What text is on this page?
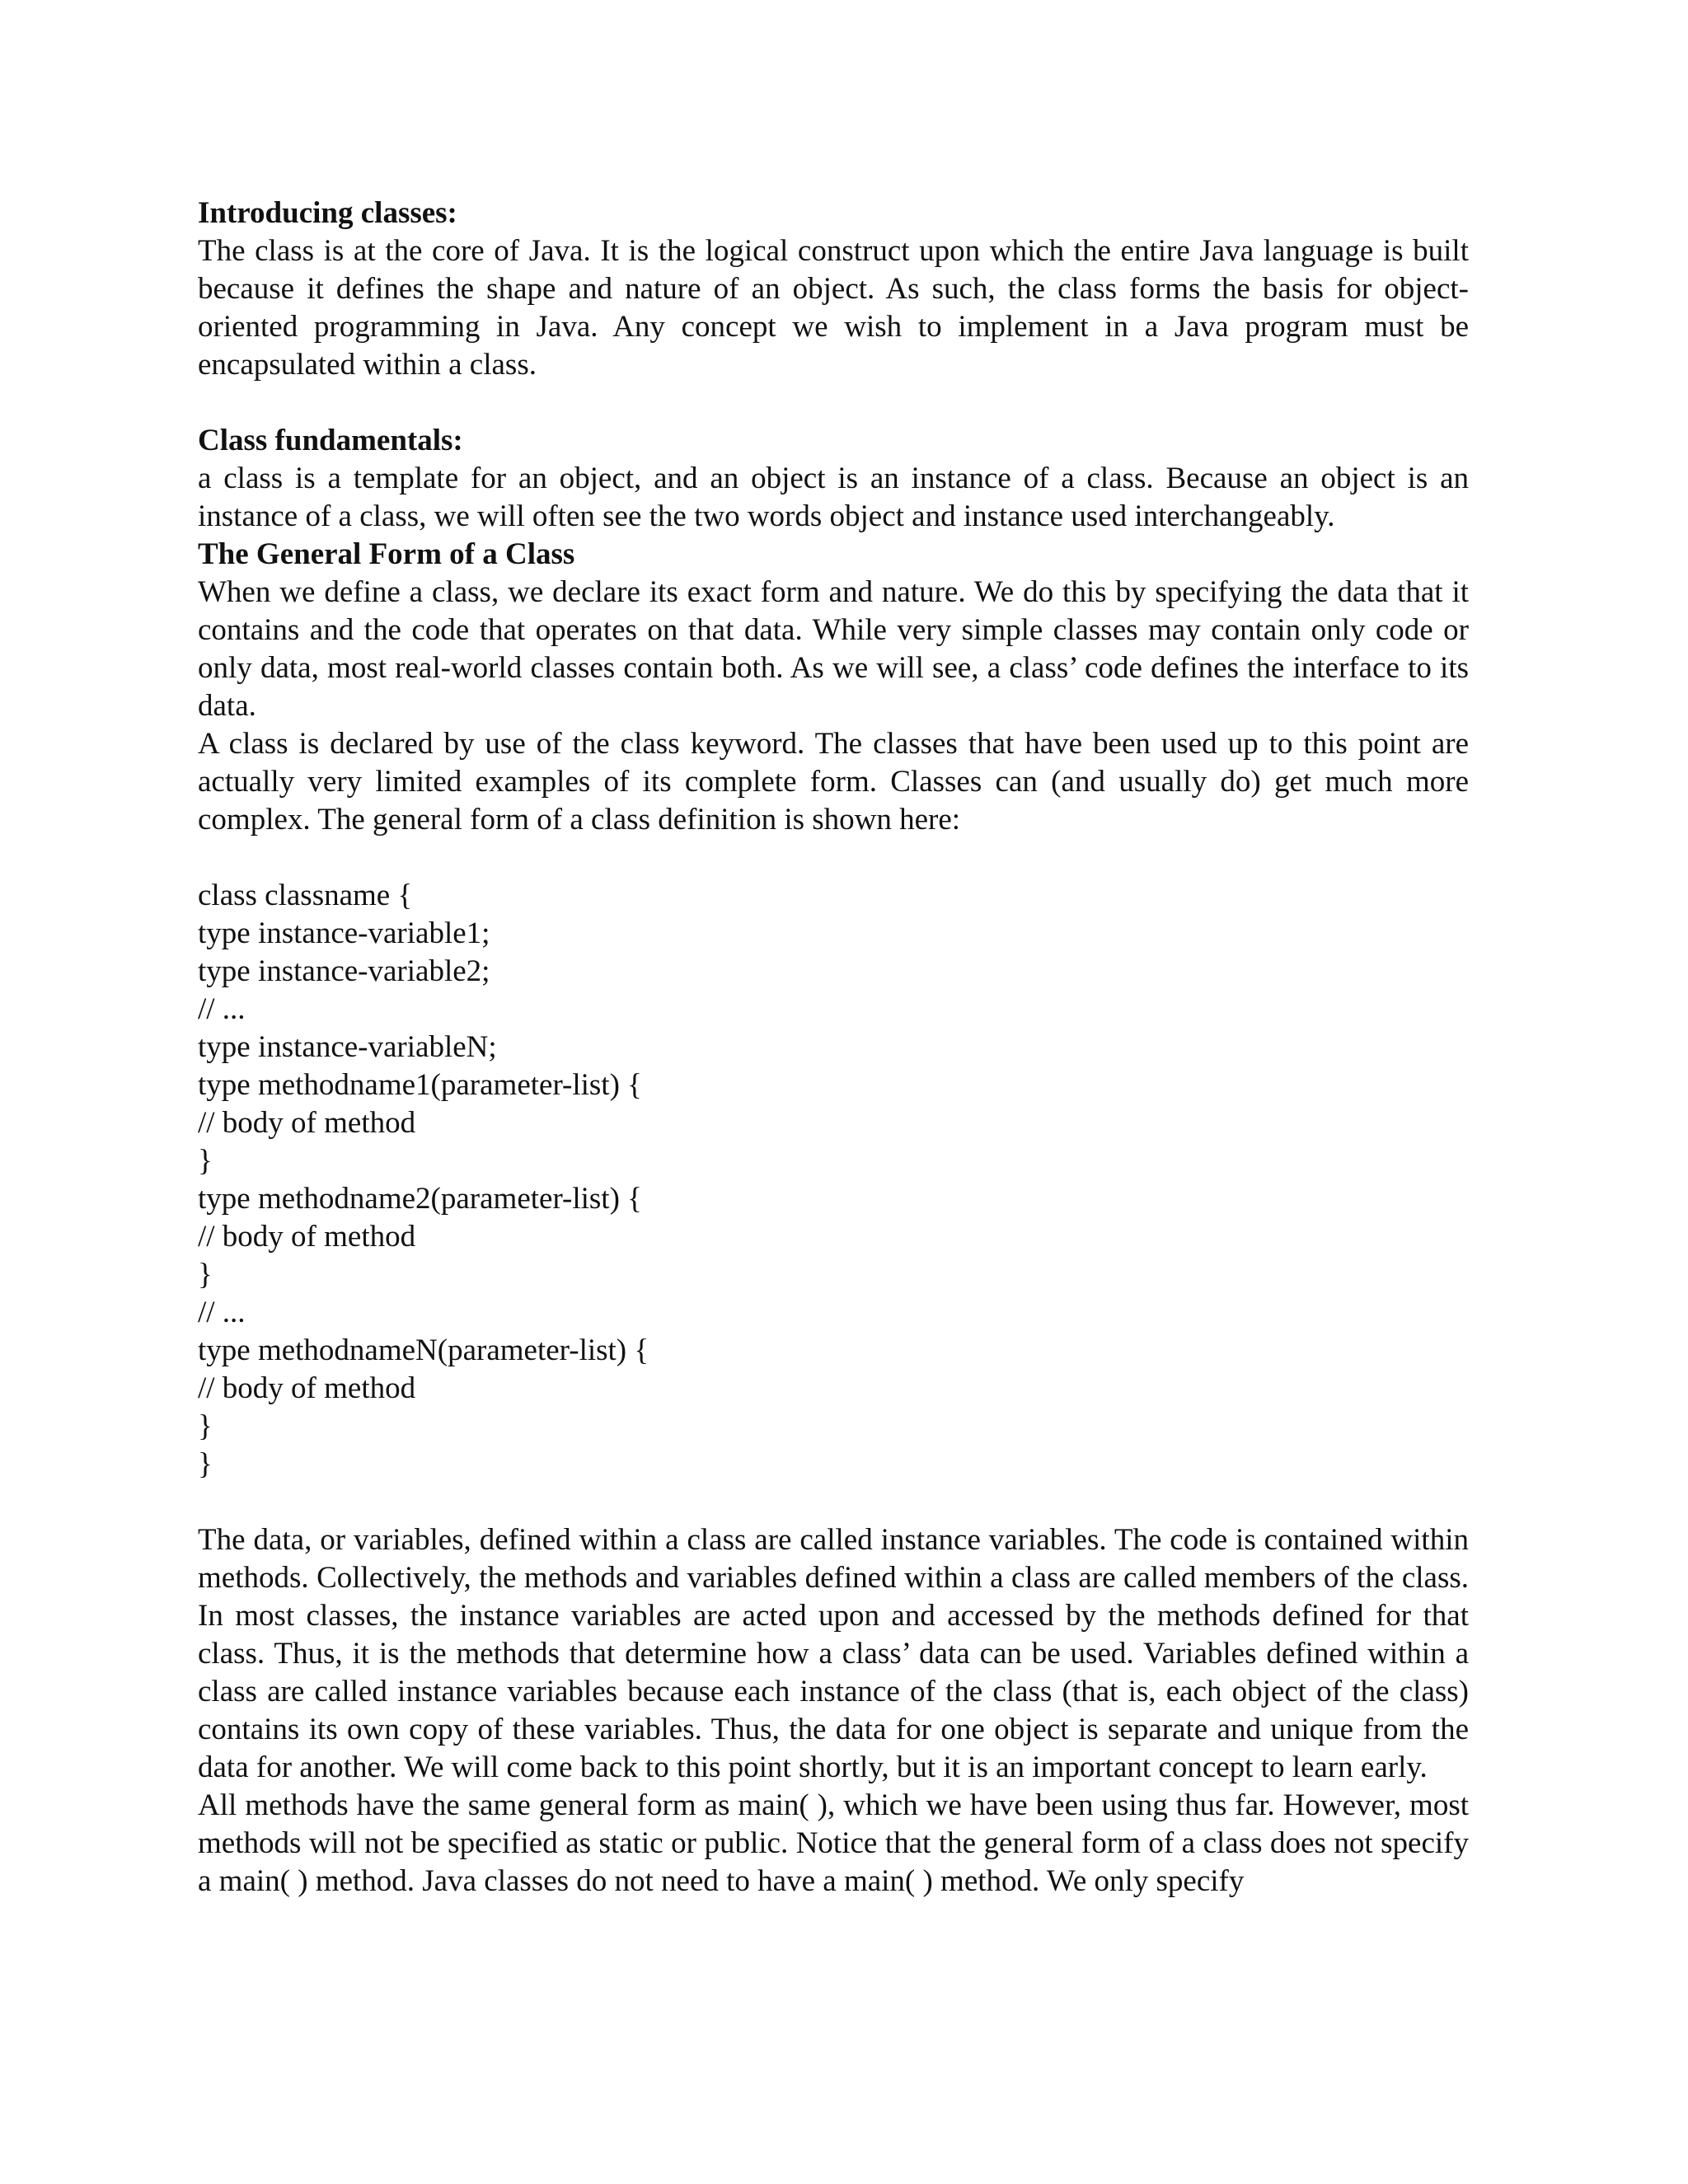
Introducing classes:

The class is at the core of Java. It is the logical construct upon which the entire Java language is built because it defines the shape and nature of an object. As such, the class forms the basis for object-oriented programming in Java. Any concept we wish to implement in a Java program must be encapsulated within a class.

Class fundamentals:

a class is a template for an object, and an object is an instance of a class. Because an object is an instance of a class, we will often see the two words object and instance used interchangeably.

The General Form of a Class

When we define a class, we declare its exact form and nature. We do this by specifying the data that it contains and the code that operates on that data. While very simple classes may contain only code or only data, most real-world classes contain both. As we will see, a class’ code defines the interface to its data.

A class is declared by use of the class keyword. The classes that have been used up to this point are actually very limited examples of its complete form. Classes can (and usually do) get much more complex. The general form of a class definition is shown here:

class classname {

type instance-variable1;

type instance-variable2;

// ...

type instance-variableN;

type methodname1(parameter-list) {

// body of method

}

type methodname2(parameter-list) {

// body of method

}

// ...

type methodnameN(parameter-list) {

// body of method

}

}

The data, or variables, defined within a class are called instance variables. The code is contained within methods. Collectively, the methods and variables defined within a class are called members of the class. In most classes, the instance variables are acted upon and accessed by the methods defined for that class. Thus, it is the methods that determine how a class’ data can be used. Variables defined within a class are called instance variables because each instance of the class (that is, each object of the class) contains its own copy of these variables. Thus, the data for one object is separate and unique from the data for another. We will come back to this point shortly, but it is an important concept to learn early.

All methods have the same general form as main( ), which we have been using thus far. However, most methods will not be specified as static or public. Notice that the general form of a class does not specify a main( ) method. Java classes do not need to have a main( ) method. We only specify
